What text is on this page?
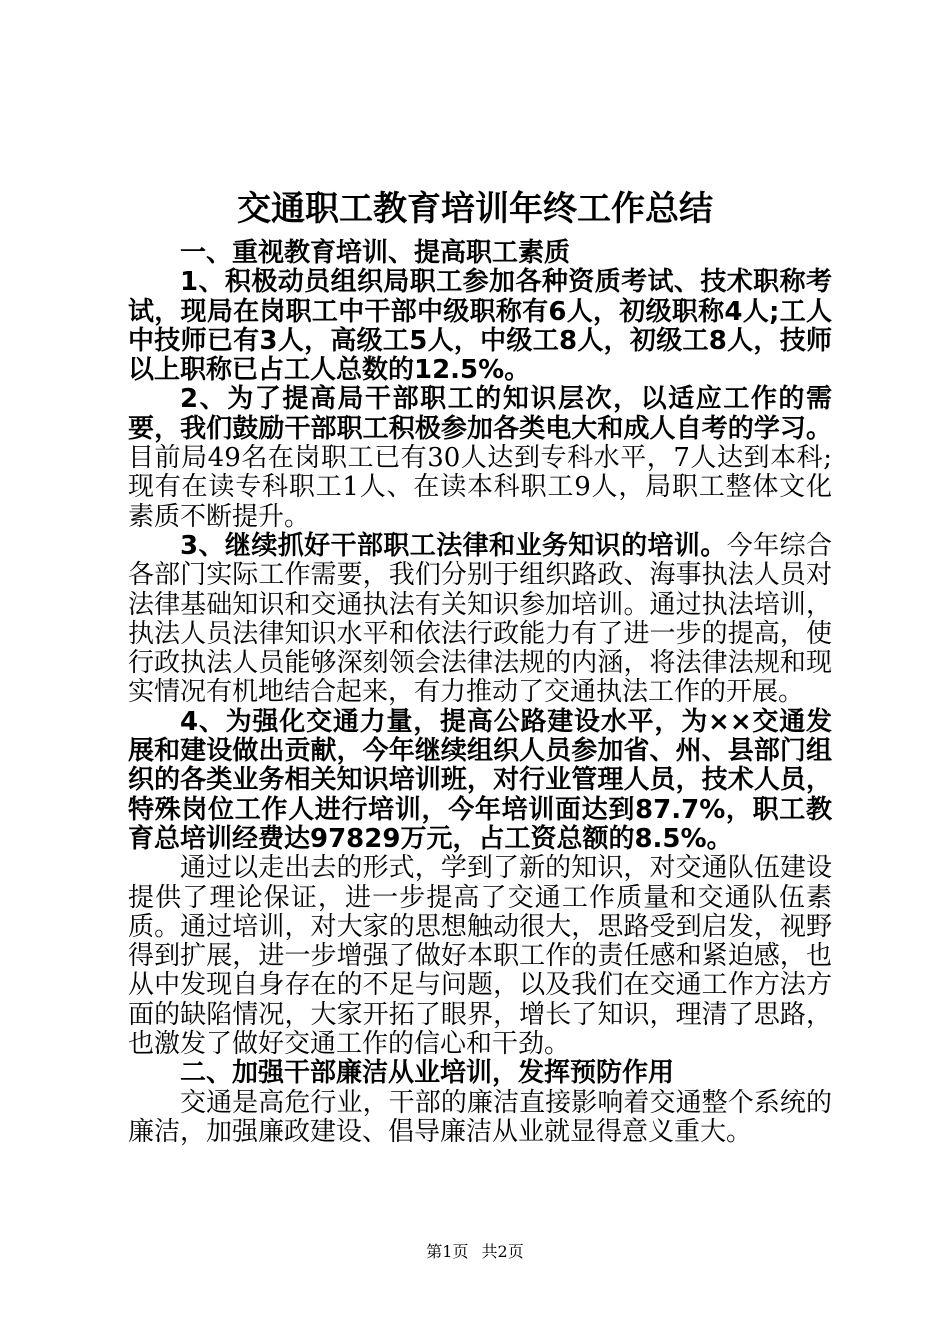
交通职工教育培训年终工作总结

一、重视教育培训、提高职工素质

1、积极动员组织局职工参加各种资质考试、技术职称考试，现局在岗职工中干部中级职称有6人，初级职称4人;工人中技师已有3人，高级工5人，中级工8人，初级工8人，技师以上职称已占工人总数的12.5%。

2、为了提高局干部职工的知识层次，以适应工作的需要，我们鼓励干部职工积极参加各类电大和成人自考的学习。目前局49名在岗职工已有30人达到专科水平，7人达到本科;现有在读专科职工1人、在读本科职工9人，局职工整体文化素质不断提升。

3、继续抓好干部职工法律和业务知识的培训。今年综合各部门实际工作需要，我们分别于组织路政、海事执法人员对法律基础知识和交通执法有关知识参加培训。通过执法培训，执法人员法律知识水平和依法行政能力有了进一步的提高，使行政执法人员能够深刻领会法律法规的内涵，将法律法规和现实情况有机地结合起来，有力推动了交通执法工作的开展。

4、为强化交通力量，提高公路建设水平，为××交通发展和建设做出贡献，今年继续组织人员参加省、州、县部门组织的各类业务相关知识培训班，对行业管理人员，技术人员，特殊岗位工作人进行培训，今年培训面达到87.7%，职工教育总培训经费达97829万元，占工资总额的8.5%。

通过以走出去的形式，学到了新的知识，对交通队伍建设提供了理论保证，进一步提高了交通工作质量和交通队伍素质。通过培训，对大家的思想触动很大，思路受到启发，视野得到扩展，进一步增强了做好本职工作的责任感和紧迫感，也从中发现自身存在的不足与问题，以及我们在交通工作方法方面的缺陷情况，大家开拓了眼界，增长了知识，理清了思路，也激发了做好交通工作的信心和干劲。

二、加强干部廉洁从业培训，发挥预防作用

交通是高危行业，干部的廉洁直接影响着交通整个系统的廉洁，加强廉政建设、倡导廉洁从业就显得意义重大。

第1页 共2页
